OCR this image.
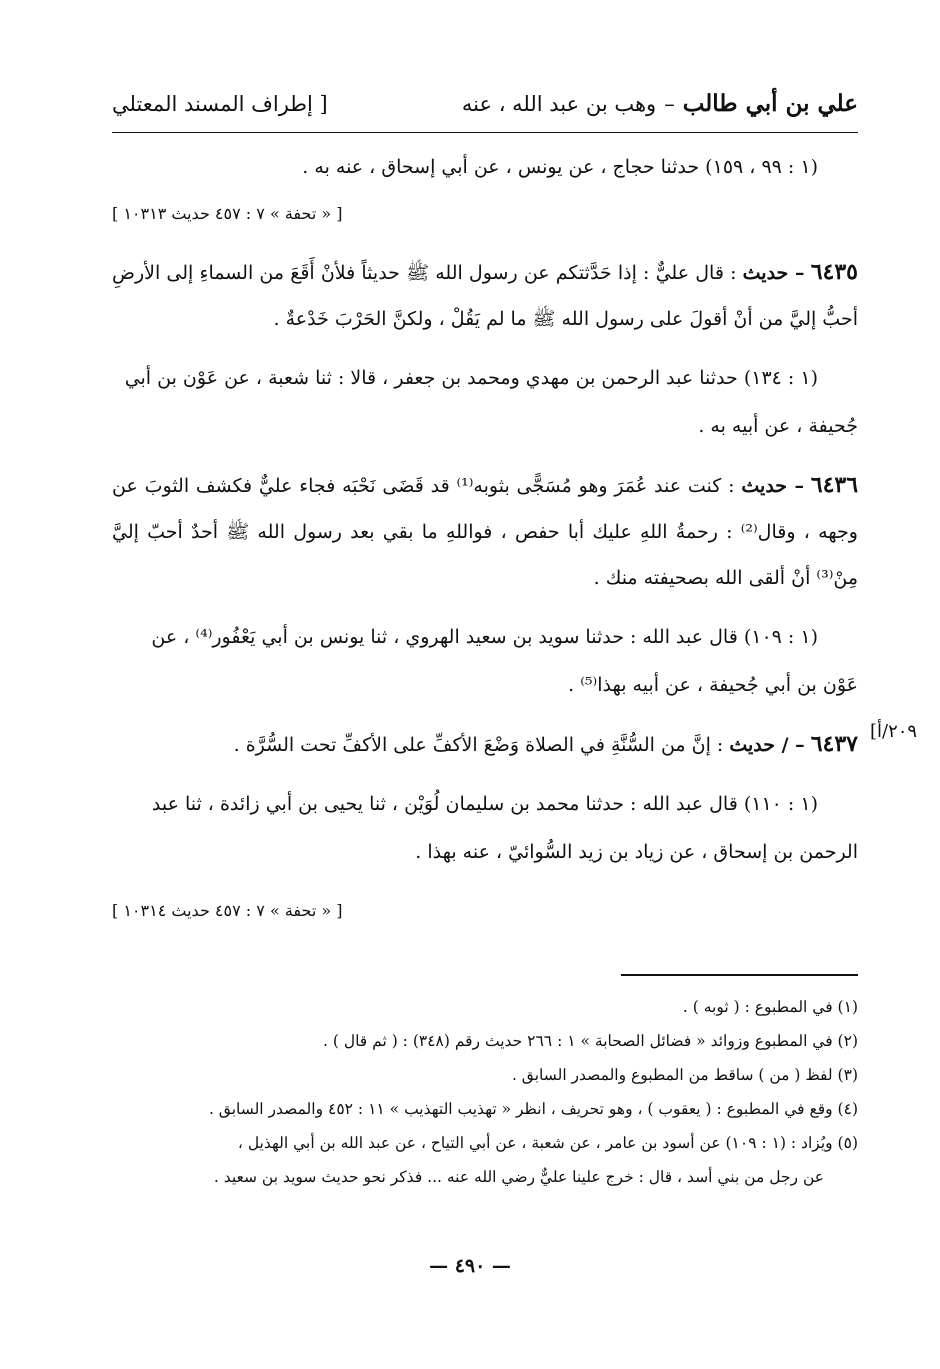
علي بن أبي طالب
–
وهب بن عبد الله ، عنه
[ إطراف المسند المعتلي

(١ : ٩٩ ، ١٥٩) حدثنا حجاج ، عن يونس ، عن أبي إسحاق ، عنه به .

[ « تحفة » ٧ : ٤٥٧ حديث ١٠٣١٣ ]

٦٤٣٥ – حديث : قال عليٌّ : إذا حَدَّثتكم عن رسول الله ﷺ حديثاً فلأنْ أَقَعَ من السماءِ إلى الأرضِ أحبُّ إليَّ من أنْ أقولَ على رسول الله ﷺ ما لم يَقُلْ ، ولكنَّ الحَرْبَ خَدْعةٌ .

(١ : ١٣٤) حدثنا عبد الرحمن بن مهدي ومحمد بن جعفر ، قالا : ثنا شعبة ، عن عَوْن بن أبي جُحيفة ، عن أبيه به .

٦٤٣٦ – حديث : كنت عند عُمَرَ وهو مُسَجًّى بثوبه⁽¹⁾ قد قَضَى نَحْبَه فجاء عليٌّ فكشف الثوبَ عن وجهه ، وقال⁽²⁾ : رحمةُ اللهِ عليك أبا حفص ، فواللهِ ما بقي بعد رسول الله ﷺ أحدٌ أحبّ إليَّ مِنْ⁽³⁾ أنْ ألقى الله بصحيفته منك .

(١ : ١٠٩) قال عبد الله : حدثنا سويد بن سعيد الهروي ، ثنا يونس بن أبي يَعْفُور⁽⁴⁾ ، عن عَوْن بن أبي جُحيفة ، عن أبيه بهذا⁽⁵⁾ .

٢٠٩/أ]

٦٤٣٧ – / حديث : إنَّ من السُّنَّةِ في الصلاة وَضْعَ الأكفِّ على الأكفِّ تحت السُّرَّة .

(١ : ١١٠) قال عبد الله : حدثنا محمد بن سليمان لُوَيْن ، ثنا يحيى بن أبي زائدة ، ثنا عبد الرحمن بن إسحاق ، عن زياد بن زيد السُّوائيّ ، عنه بهذا .

[ « تحفة » ٧ : ٤٥٧ حديث ١٠٣١٤ ]

(١) في المطبوع : ( ثوبه ) .

(٢) في المطبوع وزوائد « فضائل الصحابة » ١ : ٢٦٦ حديث رقم (٣٤٨) : ( ثم قال ) .

(٣) لفظ ( من ) ساقط من المطبوع والمصدر السابق .

(٤) وقع في المطبوع : ( يعقوب ) ، وهو تحريف ، انظر « تهذيب التهذيب » ١١ : ٤٥٢ والمصدر السابق .

(٥) ويُزاد : (١ : ١٠٩) عن أسود بن عامر ، عن شعبة ، عن أبي التياح ، عن عبد الله بن أبي الهذيل ،

عن رجل من بني أسد ، قال : خرج علينا عليٌّ رضي الله عنه ... فذكر نحو حديث سويد بن سعيد .

— ٤٩٠ —
